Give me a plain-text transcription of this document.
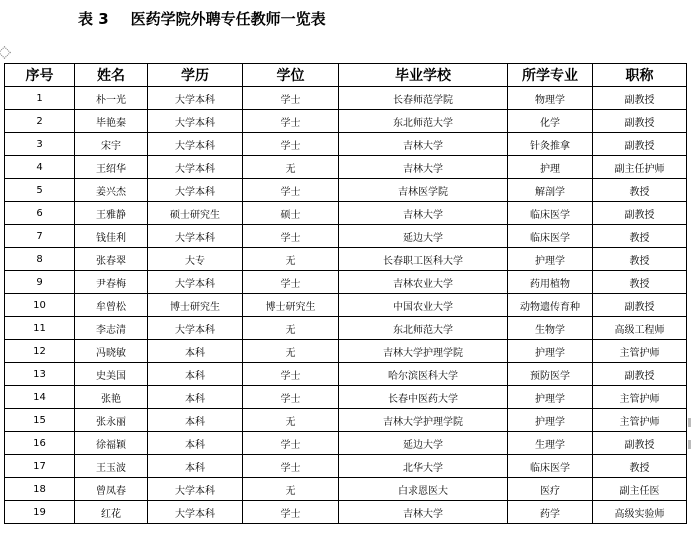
表 3 医药学院外聘专任教师一览表
序号	姓名	学历	学位	毕业学校	所学专业	职称
1	朴一光	大学本科	学士	长春师范学院	物理学	副教授
2	毕艳秦	大学本科	学士	东北师范大学	化学	副教授
3	宋宇	大学本科	学士	吉林大学	针灸推拿	副教授
4	王绍华	大学本科	无	吉林大学	护理	副主任护师
5	姜兴杰	大学本科	学士	吉林医学院	解剖学	教授
6	王雅静	硕士研究生	硕士	吉林大学	临床医学	副教授
7	钱佳利	大学本科	学士	延边大学	临床医学	教授
8	张春翠	大专	无	长春职工医科大学	护理学	教授
9	尹春梅	大学本科	学士	吉林农业大学	药用植物	教授
10	牟曾松	博士研究生	博士研究生	中国农业大学	动物遗传育种	副教授
11	李志清	大学本科	无	东北师范大学	生物学	高级工程师
12	冯晓敏	本科	无	吉林大学护理学院	护理学	主管护师
13	史美国	本科	学士	哈尔滨医科大学	预防医学	副教授
14	张艳	本科	学士	长春中医药大学	护理学	主管护师
15	张永丽	本科	无	吉林大学护理学院	护理学	主管护师
16	徐福颖	本科	学士	延边大学	生理学	副教授
17	王玉波	本科	学士	北华大学	临床医学	教授
18	曾凤春	大学本科	无	白求恩医大	医疗	副主任医
19	红花	大学本科	学士	吉林大学	药学	高级实验师
